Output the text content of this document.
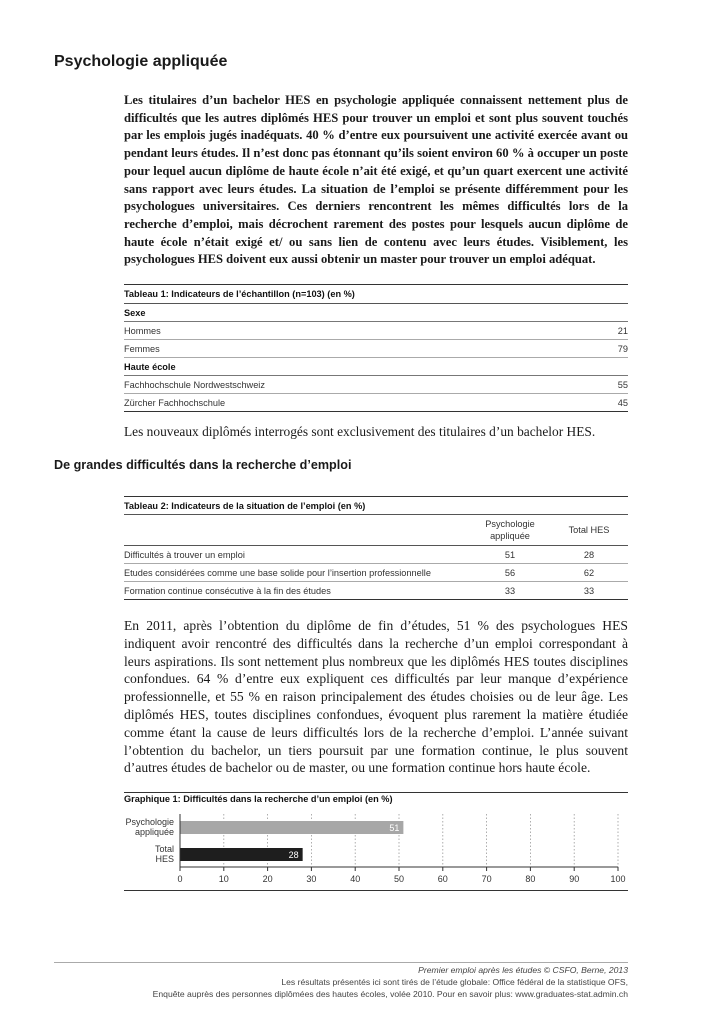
Psychologie appliquée

Les titulaires d’un bachelor HES en psychologie appliquée connaissent nettement plus de difficultés que les autres diplômés HES pour trouver un emploi et sont plus souvent touchés par les emplois jugés inadéquats. 40 % d’entre eux poursuivent une activité exercée avant ou pendant leurs études. Il n’est donc pas étonnant qu’ils soient environ 60 % à occuper un poste pour lequel aucun diplôme de haute école n’ait été exigé, et qu’un quart exercent une activité sans rapport avec leurs études. La situation de l’emploi se présente différemment pour les psychologues universitaires. Ces derniers rencontrent les mêmes difficultés lors de la recherche d’emploi, mais décrochent rarement des postes pour lesquels aucun diplôme de haute école n’était exigé et/ ou sans lien de contenu avec leurs études. Visiblement, les psychologues HES doivent eux aussi obtenir un master pour trouver un emploi adéquat.

Tableau 1: Indicateurs de l’échantillon (n=103) (en %)	
Sexe	
Hommes	21
Femmes	79
Haute école	
Fachhochschule Nordwestschweiz	55
Zürcher Fachhochschule	45

Les nouveaux diplômés interrogés sont exclusivement des titulaires d’un bachelor HES.

De grandes difficultés dans la recherche d’emploi
Tableau 2: Indicateurs de la situation de l’emploi (en %)		
	Psychologie appliquée	Total HES
Difficultés à trouver un emploi	51	28
Etudes considérées comme une base solide pour l’insertion professionnelle	56	62
Formation continue consécutive à la fin des études	33	33

En 2011, après l’obtention du diplôme de fin d’études, 51 % des psychologues HES indiquent avoir rencontré des difficultés dans la recherche d’un emploi correspondant à leurs aspirations. Ils sont nettement plus nombreux que les diplômés HES toutes disciplines confondues. 64 % d’entre eux expliquent ces difficultés par leur manque d’expérience professionnelle, et 55 % en raison principalement des études choisies ou de leur âge. Les diplômés HES, toutes disciplines confondues, évoquent plus rarement la matière étudiée comme étant la cause de leurs difficultés lors de la recherche d’emploi. L’année suivant l’obtention du bachelor, un tiers poursuit par une formation continue, le plus souvent d’autres études de bachelor ou de master, ou une formation continue hors haute école.

Graphique 1: Difficultés dans la recherche d’un emploi (en %)
51
Psychologie appliquée
28
Total HES
0	10	20	30	40	50	60	70	80	90	100
Premier emploi après les études © CSFO, Berne, 2013
Les résultats présentés ici sont tirés de l’étude globale: Office fédéral de la statistique OFS,
Enquête auprès des personnes diplômées des hautes écoles, volée 2010. Pour en savoir plus: www.graduates-stat.admin.ch
